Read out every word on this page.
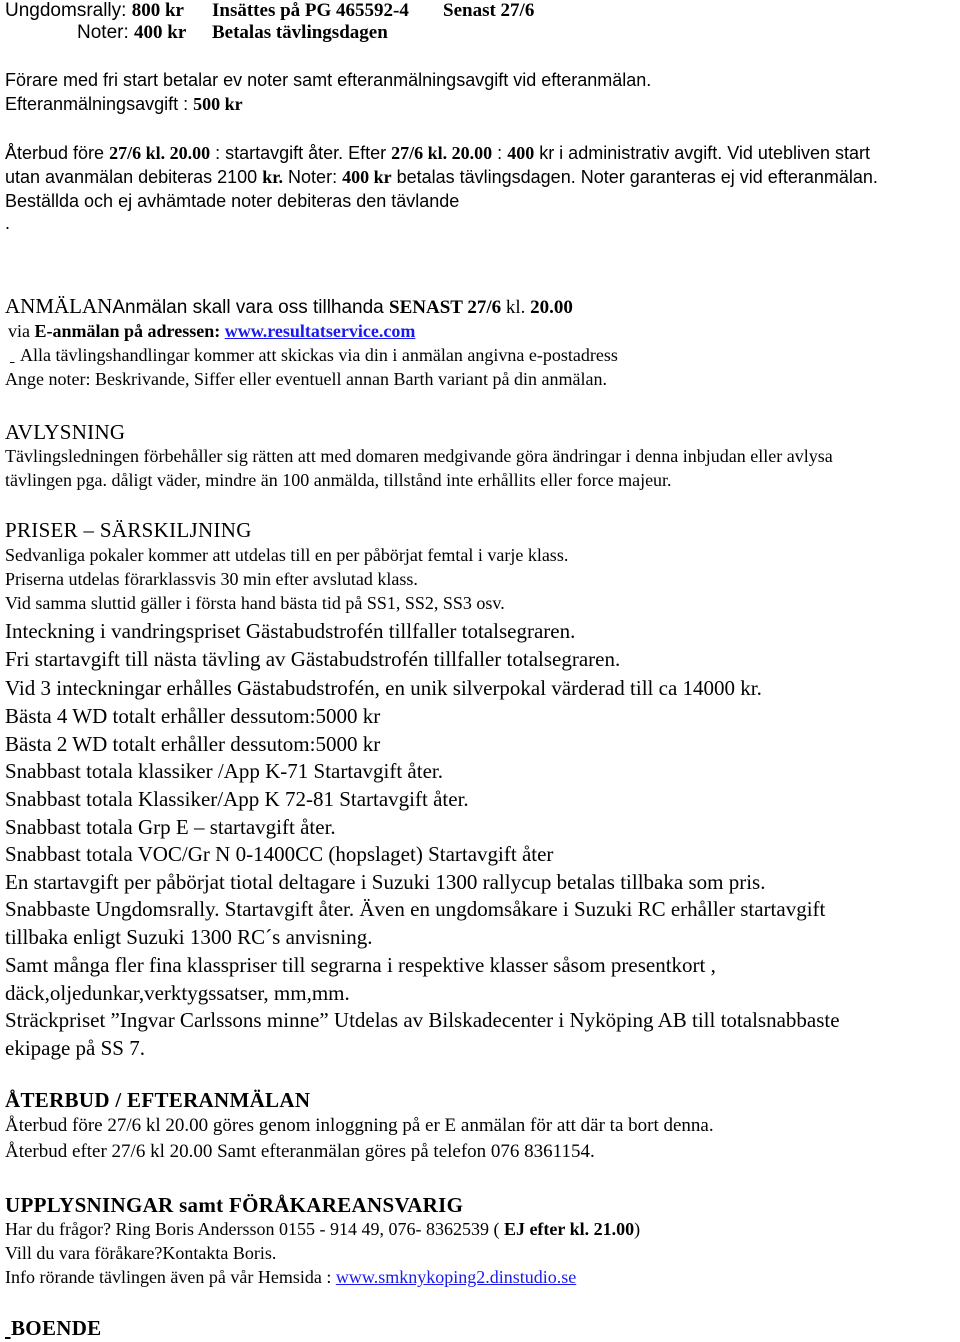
Ungdomsrally: 800 kr Insättes på PG 465592-4 Senast 27/6
Noter: 400 kr Betalas tävlingsdagen
Förare med fri start betalar ev noter samt efteranmälningsavgift vid efteranmälan.
Efteranmälningsavgift : 500 kr
Återbud före 27/6 kl. 20.00 : startavgift åter. Efter 27/6 kl. 20.00 : 400 kr i administrativ avgift. Vid utebliven start
utan avanmälan debiteras 2100 kr. Noter: 400 kr betalas tävlingsdagen. Noter garanteras ej vid efteranmälan.
Beställda och ej avhämtade noter debiteras den tävlande
.
ANMÄLANAnmälan skall vara oss tillhanda SENAST 27/6 kl. 20.00
via E-anmälan på adressen: www.resultatservice.com
Alla tävlingshandlingar kommer att skickas via din i anmälan angivna e-postadress
Ange noter: Beskrivande, Siffer eller eventuell annan Barth variant på din anmälan.
AVLYSNING
Tävlingsledningen förbehåller sig rätten att med domaren medgivande göra ändringar i denna inbjudan eller avlysa
tävlingen pga. dåligt väder, mindre än 100 anmälda, tillstånd inte erhållits eller force majeur.
PRISER – SÄRSKILJNING
Sedvanliga pokaler kommer att utdelas till en per påbörjat femtal i varje klass.
Priserna utdelas förarklassvis 30 min efter avslutad klass.
Vid samma sluttid gäller i första hand bästa tid på SS1, SS2, SS3 osv.
Inteckning i vandringspriset Gästabudstrofén tillfaller totalsegraren.
Fri startavgift till nästa tävling av Gästabudstrofén tillfaller totalsegraren.
Vid 3 inteckningar erhålles Gästabudstrofén, en unik silverpokal värderad till ca 14000 kr.
Bästa 4 WD totalt erhåller dessutom:5000 kr
Bästa 2 WD totalt erhåller dessutom:5000 kr
Snabbast totala klassiker /App K-71 Startavgift åter.
Snabbast totala Klassiker/App K 72-81 Startavgift åter.
Snabbast totala Grp E – startavgift åter.
Snabbast totala VOC/Gr N 0-1400CC (hopslaget) Startavgift åter
En startavgift per påbörjat tiotal deltagare i Suzuki 1300 rallycup betalas tillbaka som pris.
Snabbaste Ungdomsrally. Startavgift åter. Även en ungdomsåkare i Suzuki RC erhåller startavgift
tillbaka enligt Suzuki 1300 RC´s anvisning.
Samt många fler fina klasspriser till segrarna i respektive klasser såsom presentkort ,
däck,oljedunkar,verktygssatser, mm,mm.
Sträckpriset ”Ingvar Carlssons minne” Utdelas av Bilskadecenter i Nyköping AB till totalsnabbaste
ekipage på SS 7.
ÅTERBUD / EFTERANMÄLAN
Återbud före 27/6 kl 20.00 göres genom inloggning på er E anmälan för att där ta bort denna.
Återbud efter 27/6 kl 20.00 Samt efteranmälan göres på telefon 076 8361154.
UPPLYSNINGAR samt FÖRÅKAREANSVARIG
Har du frågor? Ring Boris Andersson 0155 - 914 49, 076- 8362539 ( EJ efter kl. 21.00)
Vill du vara föråkare?Kontakta Boris.
Info rörande tävlingen även på vår Hemsida : www.smknykoping2.dinstudio.se
BOENDE
